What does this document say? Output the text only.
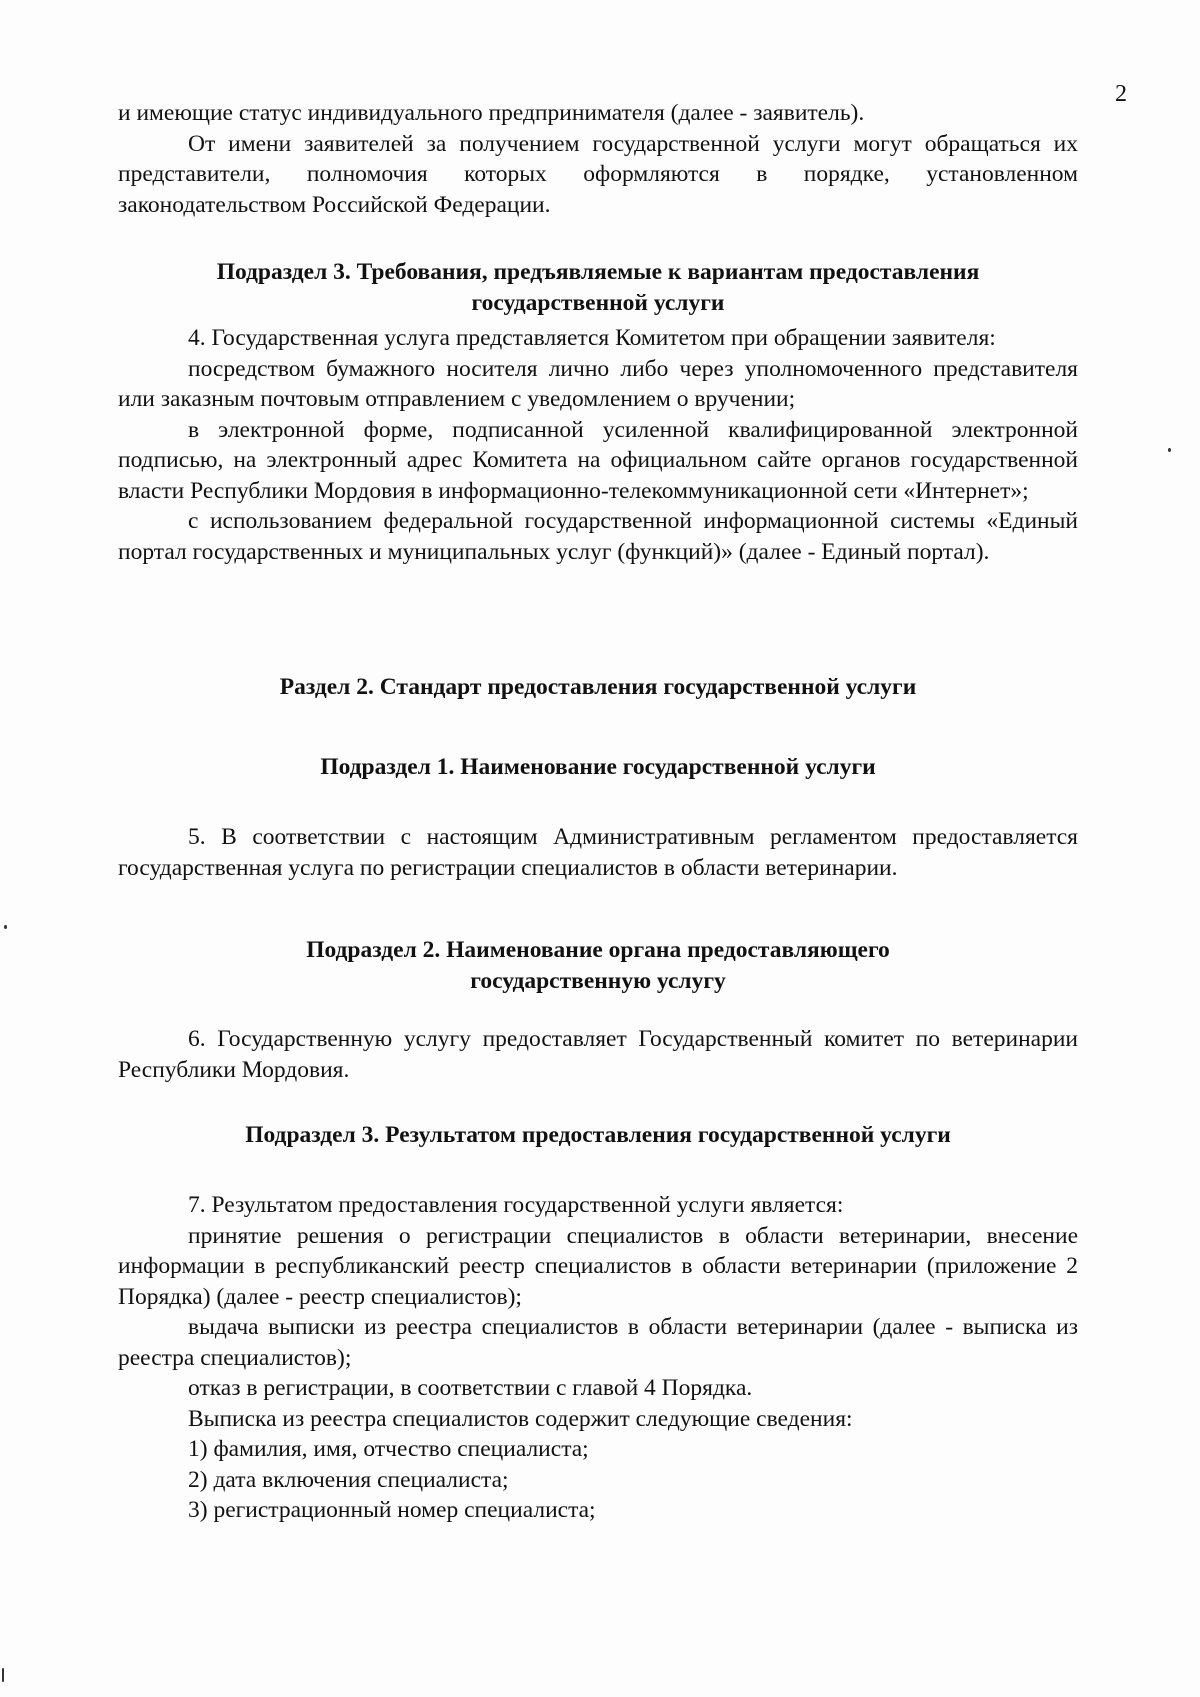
2

и имеющие статус индивидуального предпринимателя (далее - заявитель).

От имени заявителей за получением государственной услуги могут обращаться их представители, полномочия которых оформляются в порядке, установленном законодательством Российской Федерации.

Подраздел 3. Требования, предъявляемые к вариантам предоставления
государственной услуги

4. Государственная услуга представляется Комитетом при обращении заявителя:

посредством бумажного носителя лично либо через уполномоченного представителя или заказным почтовым отправлением с уведомлением о вручении;

в электронной форме, подписанной усиленной квалифицированной электронной подписью, на электронный адрес Комитета на официальном сайте органов государственной власти Республики Мордовия в информационно-телекоммуникационной сети «Интернет»;

с использованием федеральной государственной информационной системы «Единый портал государственных и муниципальных услуг (функций)» (далее - Единый портал).

Раздел 2. Стандарт предоставления государственной услуги
Подраздел 1. Наименование государственной услуги

5. В соответствии с настоящим Административным регламентом предоставляется государственная услуга по регистрации специалистов в области ветеринарии.

Подраздел 2. Наименование органа предоставляющего
государственную услугу

6. Государственную услугу предоставляет Государственный комитет по ветеринарии Республики Мордовия.

Подраздел 3. Результатом предоставления государственной услуги

7. Результатом предоставления государственной услуги является:

принятие решения о регистрации специалистов в области ветеринарии, внесение информации в республиканский реестр специалистов в области ветеринарии (приложение 2 Порядка) (далее - реестр специалистов);

выдача выписки из реестра специалистов в области ветеринарии (далее - выписка из реестра специалистов);

отказ в регистрации, в соответствии с главой 4 Порядка.

Выписка из реестра специалистов содержит следующие сведения:

1) фамилия, имя, отчество специалиста;

2) дата включения специалиста;

3) регистрационный номер специалиста;
